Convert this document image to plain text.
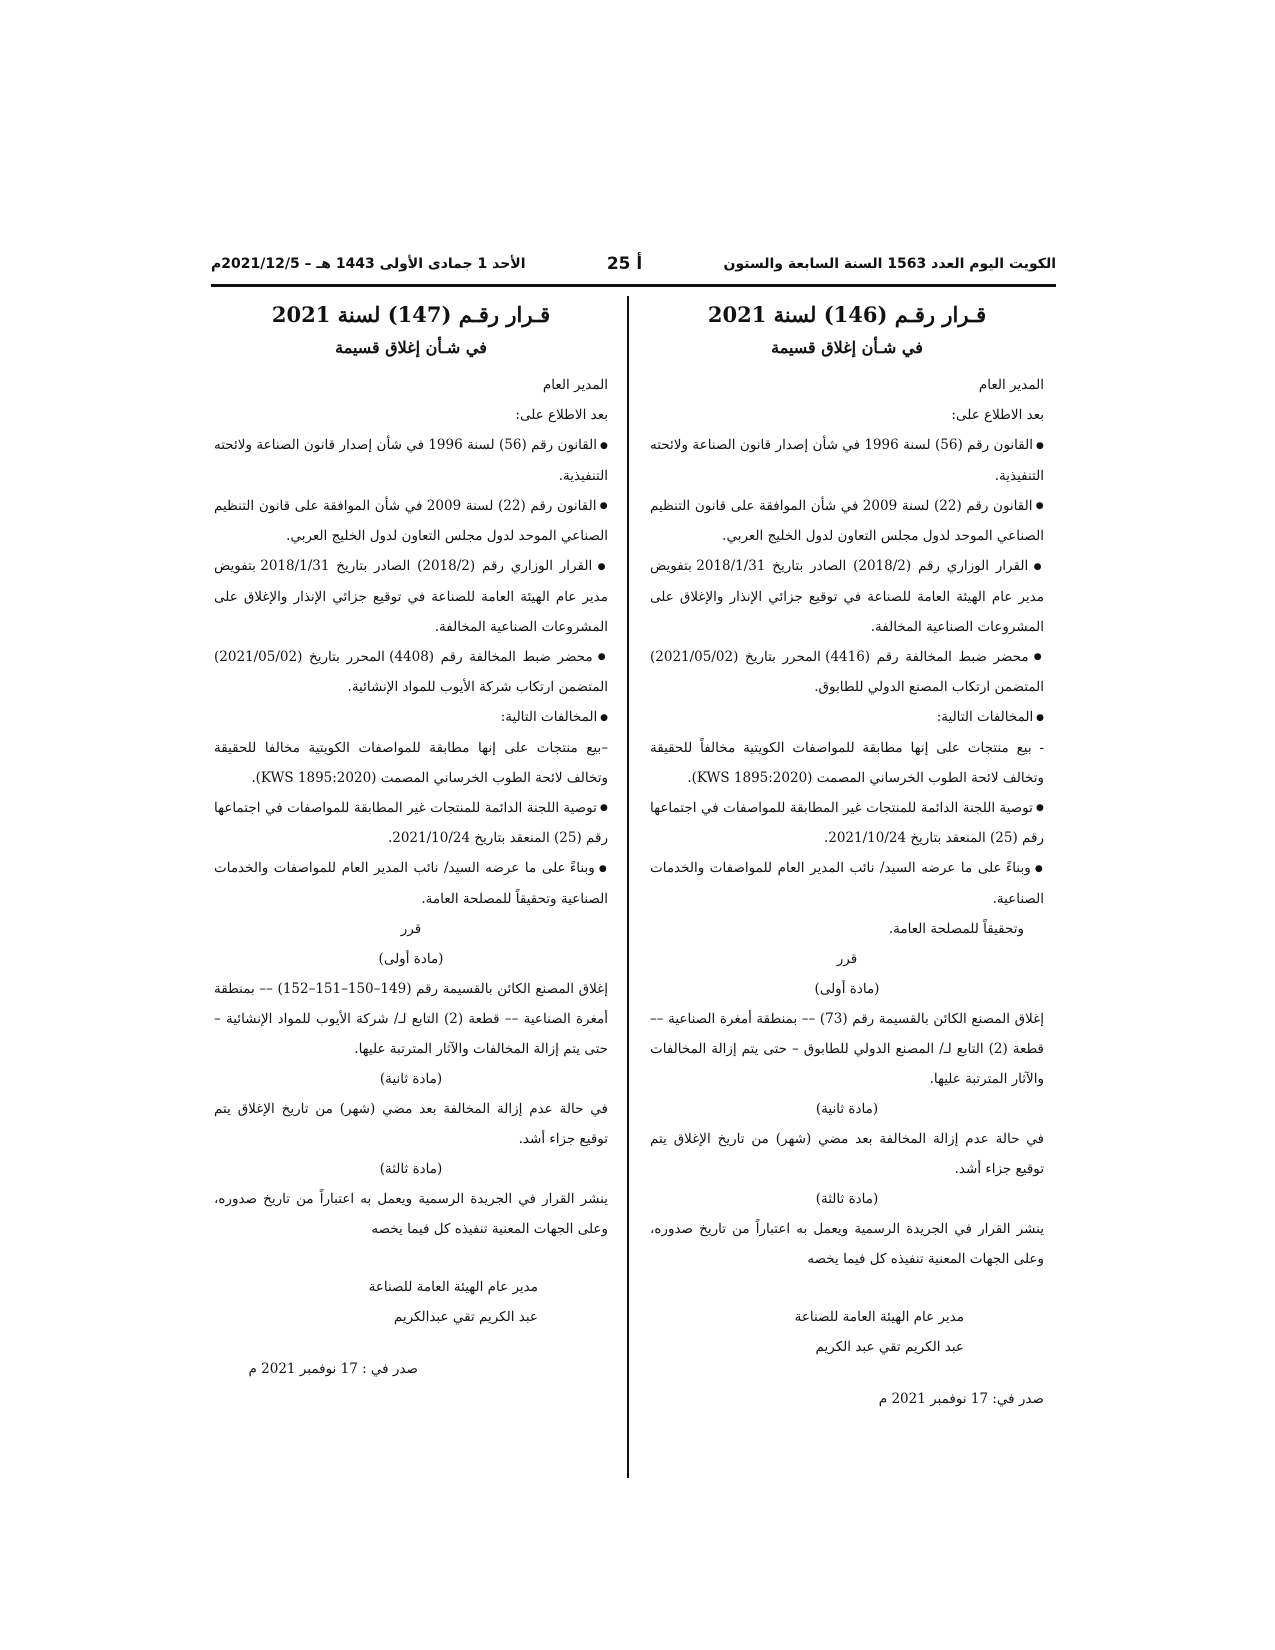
الكويت اليوم العدد 1563 السنة السابعة والستون
أ 25
الأحد 1 جمادى الأولى 1443 هـ – 2021/12/5م
قـرار رقـم (146) لسنة 2021
في شـأن إغلاق قسيمة

المدير العام

بعد الاطلاع على:

● القانون رقم (56) لسنة 1996 في شأن إصدار قانون الصناعة ولائحته التنفيذية.

● القانون رقم (22) لسنة 2009 في شأن الموافقة على قانون التنظيم الصناعي الموحد لدول مجلس التعاون لدول الخليج العربي.

● القرار الوزاري رقم (2018/2) الصادر بتاريخ 2018/1/31 بتفويض مدير عام الهيئة العامة للصناعة في توقيع جزائي الإنذار والإغلاق على المشروعات الصناعية المخالفة.

● محضر ضبط المخالفة رقم (4416) المحرر بتاريخ (2021/05/02) المتضمن ارتكاب المصنع الدولي للطابوق.

● المخالفات التالية:

- بيع منتجات على إنها مطابقة للمواصفات الكويتية مخالفاً للحقيقة وتخالف لائحة الطوب الخرساني المصمت (KWS 1895:2020).

● توصية اللجنة الدائمة للمنتجات غير المطابقة للمواصفات في اجتماعها رقم (25) المنعقد بتاريخ 2021/10/24.

● وبناءً على ما عرضه السيد/ نائب المدير العام للمواصفات والخدمات الصناعية.

وتحقيقاً للمصلحة العامة.

قرر

(مادة أولى)

إغلاق المصنع الكائن بالقسيمة رقم (73) –– بمنطقة أمغرة الصناعية –– قطعة (2) التابع لـ/ المصنع الدولي للطابوق – حتى يتم إزالة المخالفات والآثار المترتبة عليها.

(مادة ثانية)

في حالة عدم إزالة المخالفة بعد مضي (شهر) من تاريخ الإغلاق يتم توقيع جزاء أشد.

(مادة ثالثة)

ينشر القرار في الجريدة الرسمية ويعمل به اعتباراً من تاريخ صدوره، وعلى الجهات المعنية تنفيذه كل فيما يخصه

مدير عام الهيئة العامة للصناعة

عبد الكريم تقي عبد الكريم

صدر في: 17 نوفمبر 2021 م

قـرار رقـم (147) لسنة 2021
في شـأن إغلاق قسيمة

المدير العام

بعد الاطلاع على:

● القانون رقم (56) لسنة 1996 في شأن إصدار قانون الصناعة ولائحته التنفيذية.

● القانون رقم (22) لسنة 2009 في شأن الموافقة على قانون التنظيم الصناعي الموحد لدول مجلس التعاون لدول الخليج العربي.

● القرار الوزاري رقم (2018/2) الصادر بتاريخ 2018/1/31 بتفويض مدير عام الهيئة العامة للصناعة في توقيع جزائي الإنذار والإغلاق على المشروعات الصناعية المخالفة.

● محضر ضبط المخالفة رقم (4408) المحرر بتاريخ (2021/05/02) المتضمن ارتكاب شركة الأيوب للمواد الإنشائية.

● المخالفات التالية:

–بيع منتجات على إنها مطابقة للمواصفات الكويتية مخالفا للحقيقة وتخالف لائحة الطوب الخرساني المصمت (KWS 1895:2020).

● توصية اللجنة الدائمة للمنتجات غير المطابقة للمواصفات في اجتماعها رقم (25) المنعقد بتاريخ 2021/10/24.

● وبناءً على ما عرضه السيد/ نائب المدير العام للمواصفات والخدمات الصناعية وتحقيقاً للمصلحة العامة.

قرر

(مادة أولى)

إغلاق المصنع الكائن بالقسيمة رقم (149–150–151–152) –– بمنطقة أمغرة الصناعية –– قطعة (2) التابع لـ/ شركة الأيوب للمواد الإنشائية – حتى يتم إزالة المخالفات والآثار المترتبة عليها.

(مادة ثانية)

في حالة عدم إزالة المخالفة بعد مضي (شهر) من تاريخ الإغلاق يتم توقيع جزاء أشد.

(مادة ثالثة)

ينشر القرار في الجريدة الرسمية ويعمل به اعتباراً من تاريخ صدوره، وعلى الجهات المعنية تنفيذه كل فيما يخصه

مدير عام الهيئة العامة للصناعة

عبد الكريم تقي عبدالكريم

صدر في : 17 نوفمبر 2021 م
